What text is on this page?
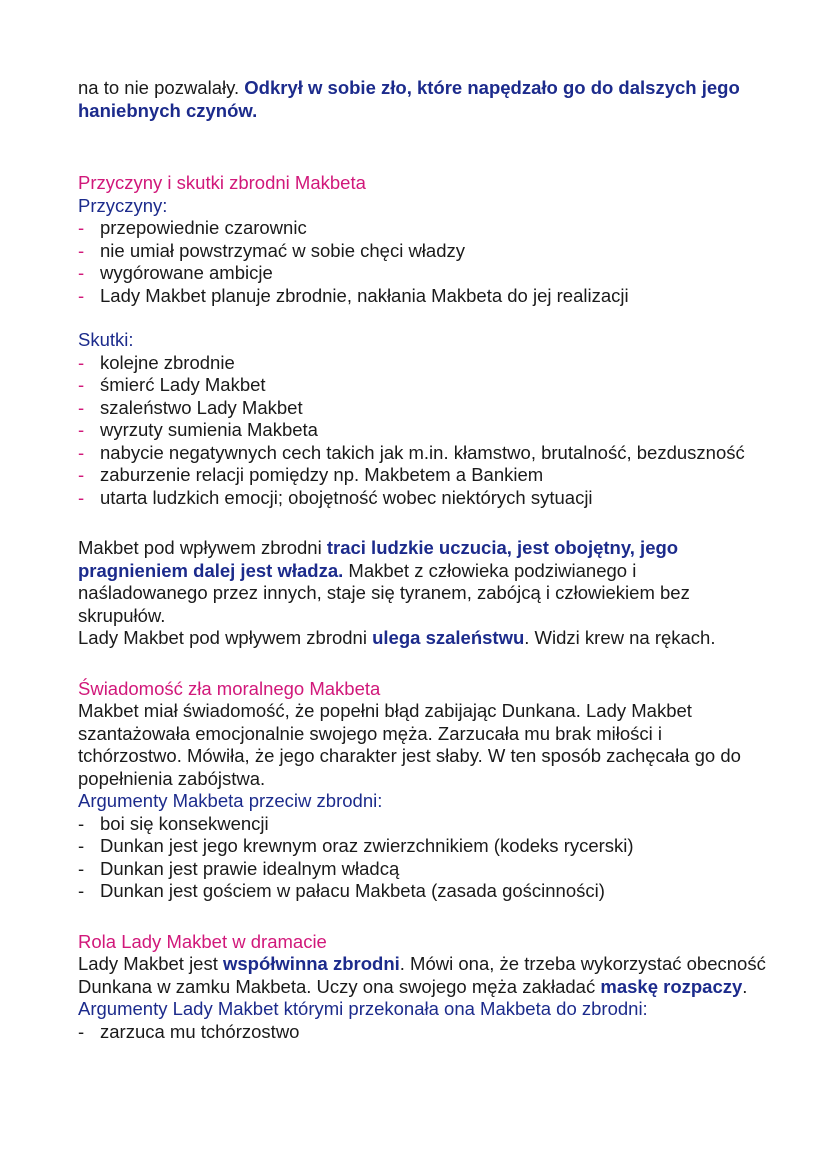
na to nie pozwalały. Odkrył w sobie zło, które napędzało go do dalszych jego haniebnych czynów.

Przyczyny i skutki zbrodni Makbeta

Przyczyny:

- przepowiednie czarownic
- nie umiał powstrzymać w sobie chęci władzy
- wygórowane ambicje
- Lady Makbet planuje zbrodnie, nakłania Makbeta do jej realizacji

Skutki:

- kolejne zbrodnie
- śmierć Lady Makbet
- szaleństwo Lady Makbet
- wyrzuty sumienia Makbeta
- nabycie negatywnych cech takich jak m.in. kłamstwo, brutalność, bezduszność
- zaburzenie relacji pomiędzy np. Makbetem a Bankiem
- utarta ludzkich emocji; obojętność wobec niektórych sytuacji

Makbet pod wpływem zbrodni traci ludzkie uczucia, jest obojętny, jego pragnieniem dalej jest władza. Makbet z człowieka podziwianego i naśladowanego przez innych, staje się tyranem, zabójcą i człowiekiem bez skrupułów.

Lady Makbet pod wpływem zbrodni ulega szaleństwu. Widzi krew na rękach.

Świadomość zła moralnego Makbeta

Makbet miał świadomość, że popełni błąd zabijając Dunkana. Lady Makbet szantażowała emocjonalnie swojego męża. Zarzucała mu brak miłości i tchórzostwo. Mówiła, że jego charakter jest słaby. W ten sposób zachęcała go do popełnienia zabójstwa.

Argumenty Makbeta przeciw zbrodni:

- boi się konsekwencji
- Dunkan jest jego krewnym oraz zwierzchnikiem (kodeks rycerski)
- Dunkan jest prawie idealnym władcą
- Dunkan jest gościem w pałacu Makbeta (zasada gościnności)

Rola Lady Makbet w dramacie

Lady Makbet jest współwinna zbrodni. Mówi ona, że trzeba wykorzystać obecność Dunkana w zamku Makbeta. Uczy ona swojego męża zakładać maskę rozpaczy.

Argumenty Lady Makbet którymi przekonała ona Makbeta do zbrodni:

- zarzuca mu tchórzostwo
